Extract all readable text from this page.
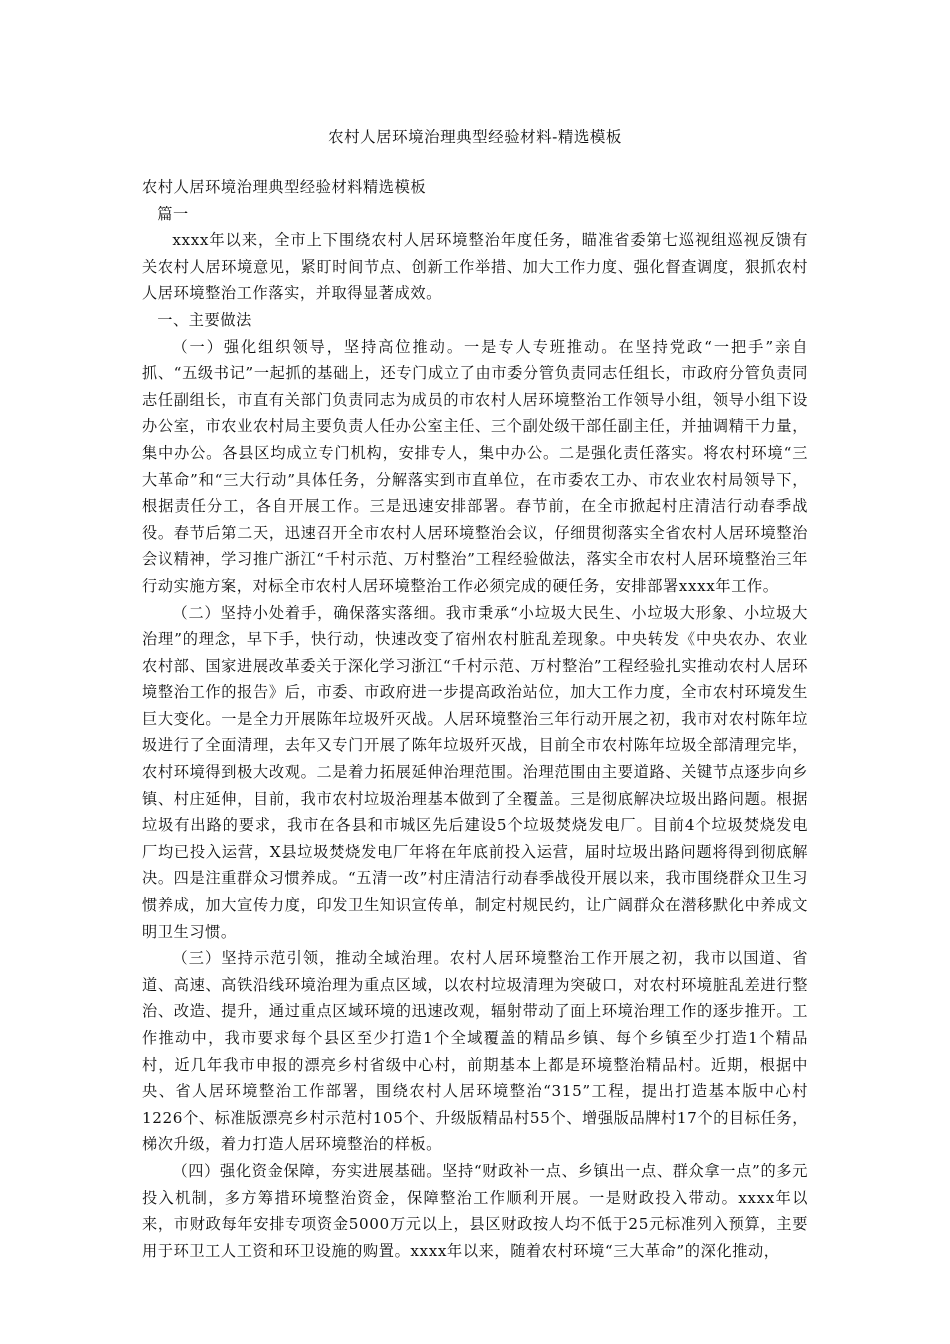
农村人居环境治理典型经验材料-精选模板

农村人居环境治理典型经验材料精选模板

篇一

xxxx年以来，全市上下围绕农村人居环境整治年度任务，瞄准省委第七巡视组巡视反馈有关农村人居环境意见，紧盯时间节点、创新工作举措、加大工作力度、强化督查调度，狠抓农村人居环境整治工作落实，并取得显著成效。

一、主要做法

（一）强化组织领导，坚持高位推动。一是专人专班推动。在坚持党政“一把手”亲自抓、“五级书记”一起抓的基础上，还专门成立了由市委分管负责同志任组长，市政府分管负责同志任副组长，市直有关部门负责同志为成员的市农村人居环境整治工作领导小组，领导小组下设办公室，市农业农村局主要负责人任办公室主任、三个副处级干部任副主任，并抽调精干力量，集中办公。各县区均成立专门机构，安排专人，集中办公。二是强化责任落实。将农村环境“三大革命”和“三大行动”具体任务，分解落实到市直单位，在市委农工办、市农业农村局领导下，根据责任分工，各自开展工作。三是迅速安排部署。春节前，在全市掀起村庄清洁行动春季战役。春节后第二天，迅速召开全市农村人居环境整治会议，仔细贯彻落实全省农村人居环境整治会议精神，学习推广浙江“千村示范、万村整治”工程经验做法，落实全市农村人居环境整治三年行动实施方案，对标全市农村人居环境整治工作必须完成的硬任务，安排部署xxxx年工作。

（二）坚持小处着手，确保落实落细。我市秉承“小垃圾大民生、小垃圾大形象、小垃圾大治理”的理念，早下手，快行动，快速改变了宿州农村脏乱差现象。中央转发《中央农办、农业农村部、国家进展改革委关于深化学习浙江“千村示范、万村整治”工程经验扎实推动农村人居环境整治工作的报告》后，市委、市政府进一步提高政治站位，加大工作力度，全市农村环境发生巨大变化。一是全力开展陈年垃圾歼灭战。人居环境整治三年行动开展之初，我市对农村陈年垃圾进行了全面清理，去年又专门开展了陈年垃圾歼灭战，目前全市农村陈年垃圾全部清理完毕，农村环境得到极大改观。二是着力拓展延伸治理范围。治理范围由主要道路、关键节点逐步向乡镇、村庄延伸，目前，我市农村垃圾治理基本做到了全覆盖。三是彻底解决垃圾出路问题。根据垃圾有出路的要求，我市在各县和市城区先后建设5个垃圾焚烧发电厂。目前4个垃圾焚烧发电厂均已投入运营，X县垃圾焚烧发电厂年将在年底前投入运营，届时垃圾出路问题将得到彻底解决。四是注重群众习惯养成。“五清一改”村庄清洁行动春季战役开展以来，我市围绕群众卫生习惯养成，加大宣传力度，印发卫生知识宣传单，制定村规民约，让广阔群众在潜移默化中养成文明卫生习惯。

（三）坚持示范引领，推动全域治理。农村人居环境整治工作开展之初，我市以国道、省道、高速、高铁沿线环境治理为重点区域，以农村垃圾清理为突破口，对农村环境脏乱差进行整治、改造、提升，通过重点区域环境的迅速改观，辐射带动了面上环境治理工作的逐步推开。工作推动中，我市要求每个县区至少打造1个全域覆盖的精品乡镇、每个乡镇至少打造1个精品村，近几年我市申报的漂亮乡村省级中心村，前期基本上都是环境整治精品村。近期，根据中央、省人居环境整治工作部署，围绕农村人居环境整治“315”工程，提出打造基本版中心村1226个、标准版漂亮乡村示范村105个、升级版精品村55个、增强版品牌村17个的目标任务，梯次升级，着力打造人居环境整治的样板。

（四）强化资金保障，夯实进展基础。坚持“财政补一点、乡镇出一点、群众拿一点”的多元投入机制，多方筹措环境整治资金，保障整治工作顺利开展。一是财政投入带动。xxxx年以来，市财政每年安排专项资金5000万元以上，县区财政按人均不低于25元标准列入预算，主要用于环卫工人工资和环卫设施的购置。xxxx年以来，随着农村环境“三大革命”的深化推动，
